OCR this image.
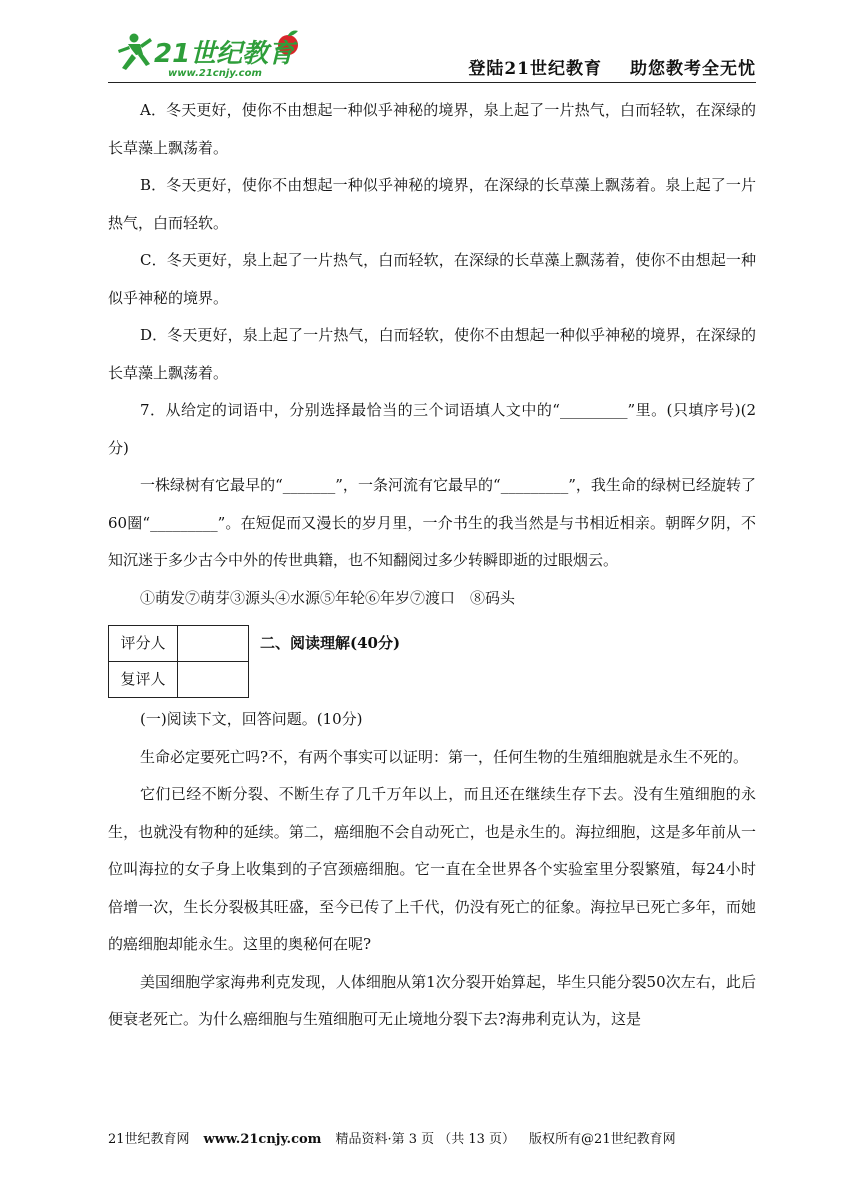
21世纪教育
www.21cnjy.com	登陆21世纪教育 助您教考全无忧

A．冬天更好，使你不由想起一种似乎神秘的境界，泉上起了一片热气，白而轻软，在深绿的长草藻上飘荡着。

B．冬天更好，使你不由想起一种似乎神秘的境界，在深绿的长草藻上飘荡着。泉上起了一片热气，白而轻软。

C．冬天更好，泉上起了一片热气，白而轻软，在深绿的长草藻上飘荡着，使你不由想起一种似乎神秘的境界。

D．冬天更好，泉上起了一片热气，白而轻软，使你不由想起一种似乎神秘的境界，在深绿的长草藻上飘荡着。

7．从给定的词语中，分别选择最恰当的三个词语填人文中的“_________”里。(只填序号)(2分)

一株绿树有它最早的“_______”，一条河流有它最早的“_________”，我生命的绿树已经旋转了60圈“_________”。在短促而又漫长的岁月里，一介书生的我当然是与书相近相亲。朝晖夕阴，不知沉迷于多少古今中外的传世典籍，也不知翻阅过多少转瞬即逝的过眼烟云。

①萌发⑦萌芽③源头④水源⑤年轮⑥年岁⑦渡口　⑧码头

评分人	
复评人	
二、阅读理解(40分)

(一)阅读下文，回答问题。(10分)

生命必定要死亡吗?不，有两个事实可以证明：第一，任何生物的生殖细胞就是永生不死的。

它们已经不断分裂、不断生存了几千万年以上，而且还在继续生存下去。没有生殖细胞的永生，也就没有物种的延续。第二，癌细胞不会自动死亡，也是永生的。海拉细胞，这是多年前从一位叫海拉的女子身上收集到的子宫颈癌细胞。它一直在全世界各个实验室里分裂繁殖，每24小时倍增一次，生长分裂极其旺盛，至今已传了上千代，仍没有死亡的征象。海拉早已死亡多年，而她的癌细胞却能永生。这里的奥秘何在呢?

美国细胞学家海弗利克发现，人体细胞从第1次分裂开始算起，毕生只能分裂50次左右，此后便衰老死亡。为什么癌细胞与生殖细胞可无止境地分裂下去?海弗利克认为，这是

21世纪教育网 www.21cnjy.com 精品资料·第 3 页 （共 13 页） 版权所有@21世纪教育网
